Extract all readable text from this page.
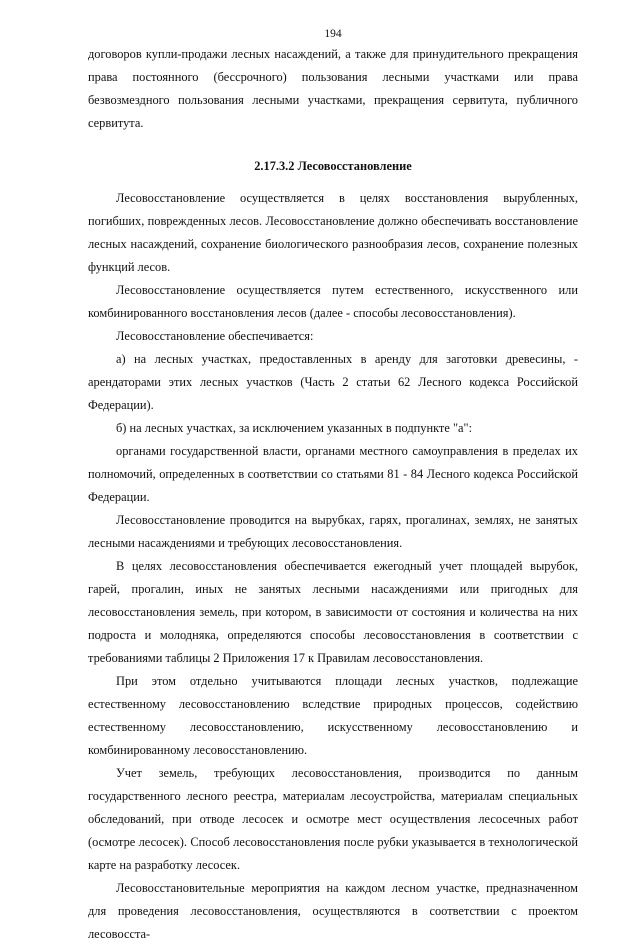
194

договоров купли-продажи лесных насаждений, а также для принудительного прекращения права постоянного (бессрочного) пользования лесными участками или права безвозмездного пользования лесными участками, прекращения сервитута, публичного сервитута.

2.17.3.2 Лесовосстановление

Лесовосстановление осуществляется в целях восстановления вырубленных, погибших, поврежденных лесов. Лесовосстановление должно обеспечивать восстановление лесных насаждений, сохранение биологического разнообразия лесов, сохранение полезных функций лесов.

Лесовосстановление осуществляется путем естественного, искусственного или комбинированного восстановления лесов (далее - способы лесовосстановления).

Лесовосстановление обеспечивается:

а) на лесных участках, предоставленных в аренду для заготовки древесины, - арендаторами этих лесных участков (Часть 2 статьи 62 Лесного кодекса Российской Федерации).

б) на лесных участках, за исключением указанных в подпункте "а":

органами государственной власти, органами местного самоуправления в пределах их полномочий, определенных в соответствии со статьями 81 - 84 Лесного кодекса Российской Федерации.

Лесовосстановление проводится на вырубках, гарях, прогалинах, землях, не занятых лесными насаждениями и требующих лесовосстановления.

В целях лесовосстановления обеспечивается ежегодный учет площадей вырубок, гарей, прогалин, иных не занятых лесными насаждениями или пригодных для лесовосстановления земель, при котором, в зависимости от состояния и количества на них подроста и молодняка, определяются способы лесовосстановления в соответствии с требованиями таблицы 2 Приложения 17 к Правилам лесовосстановления.

При этом отдельно учитываются площади лесных участков, подлежащие естественному лесовосстановлению вследствие природных процессов, содействию естественному лесовосстановлению, искусственному лесовосстановлению и комбинированному лесовосстановлению.

Учет земель, требующих лесовосстановления, производится по данным государственного лесного реестра, материалам лесоустройства, материалам специальных обследований, при отводе лесосек и осмотре мест осуществления лесосечных работ (осмотре лесосек). Способ лесовосстановления после рубки указывается в технологической карте на разработку лесосек.

Лесовосстановительные мероприятия на каждом лесном участке, предназначенном для проведения лесовосстановления, осуществляются в соответствии с проектом лесовосста-
